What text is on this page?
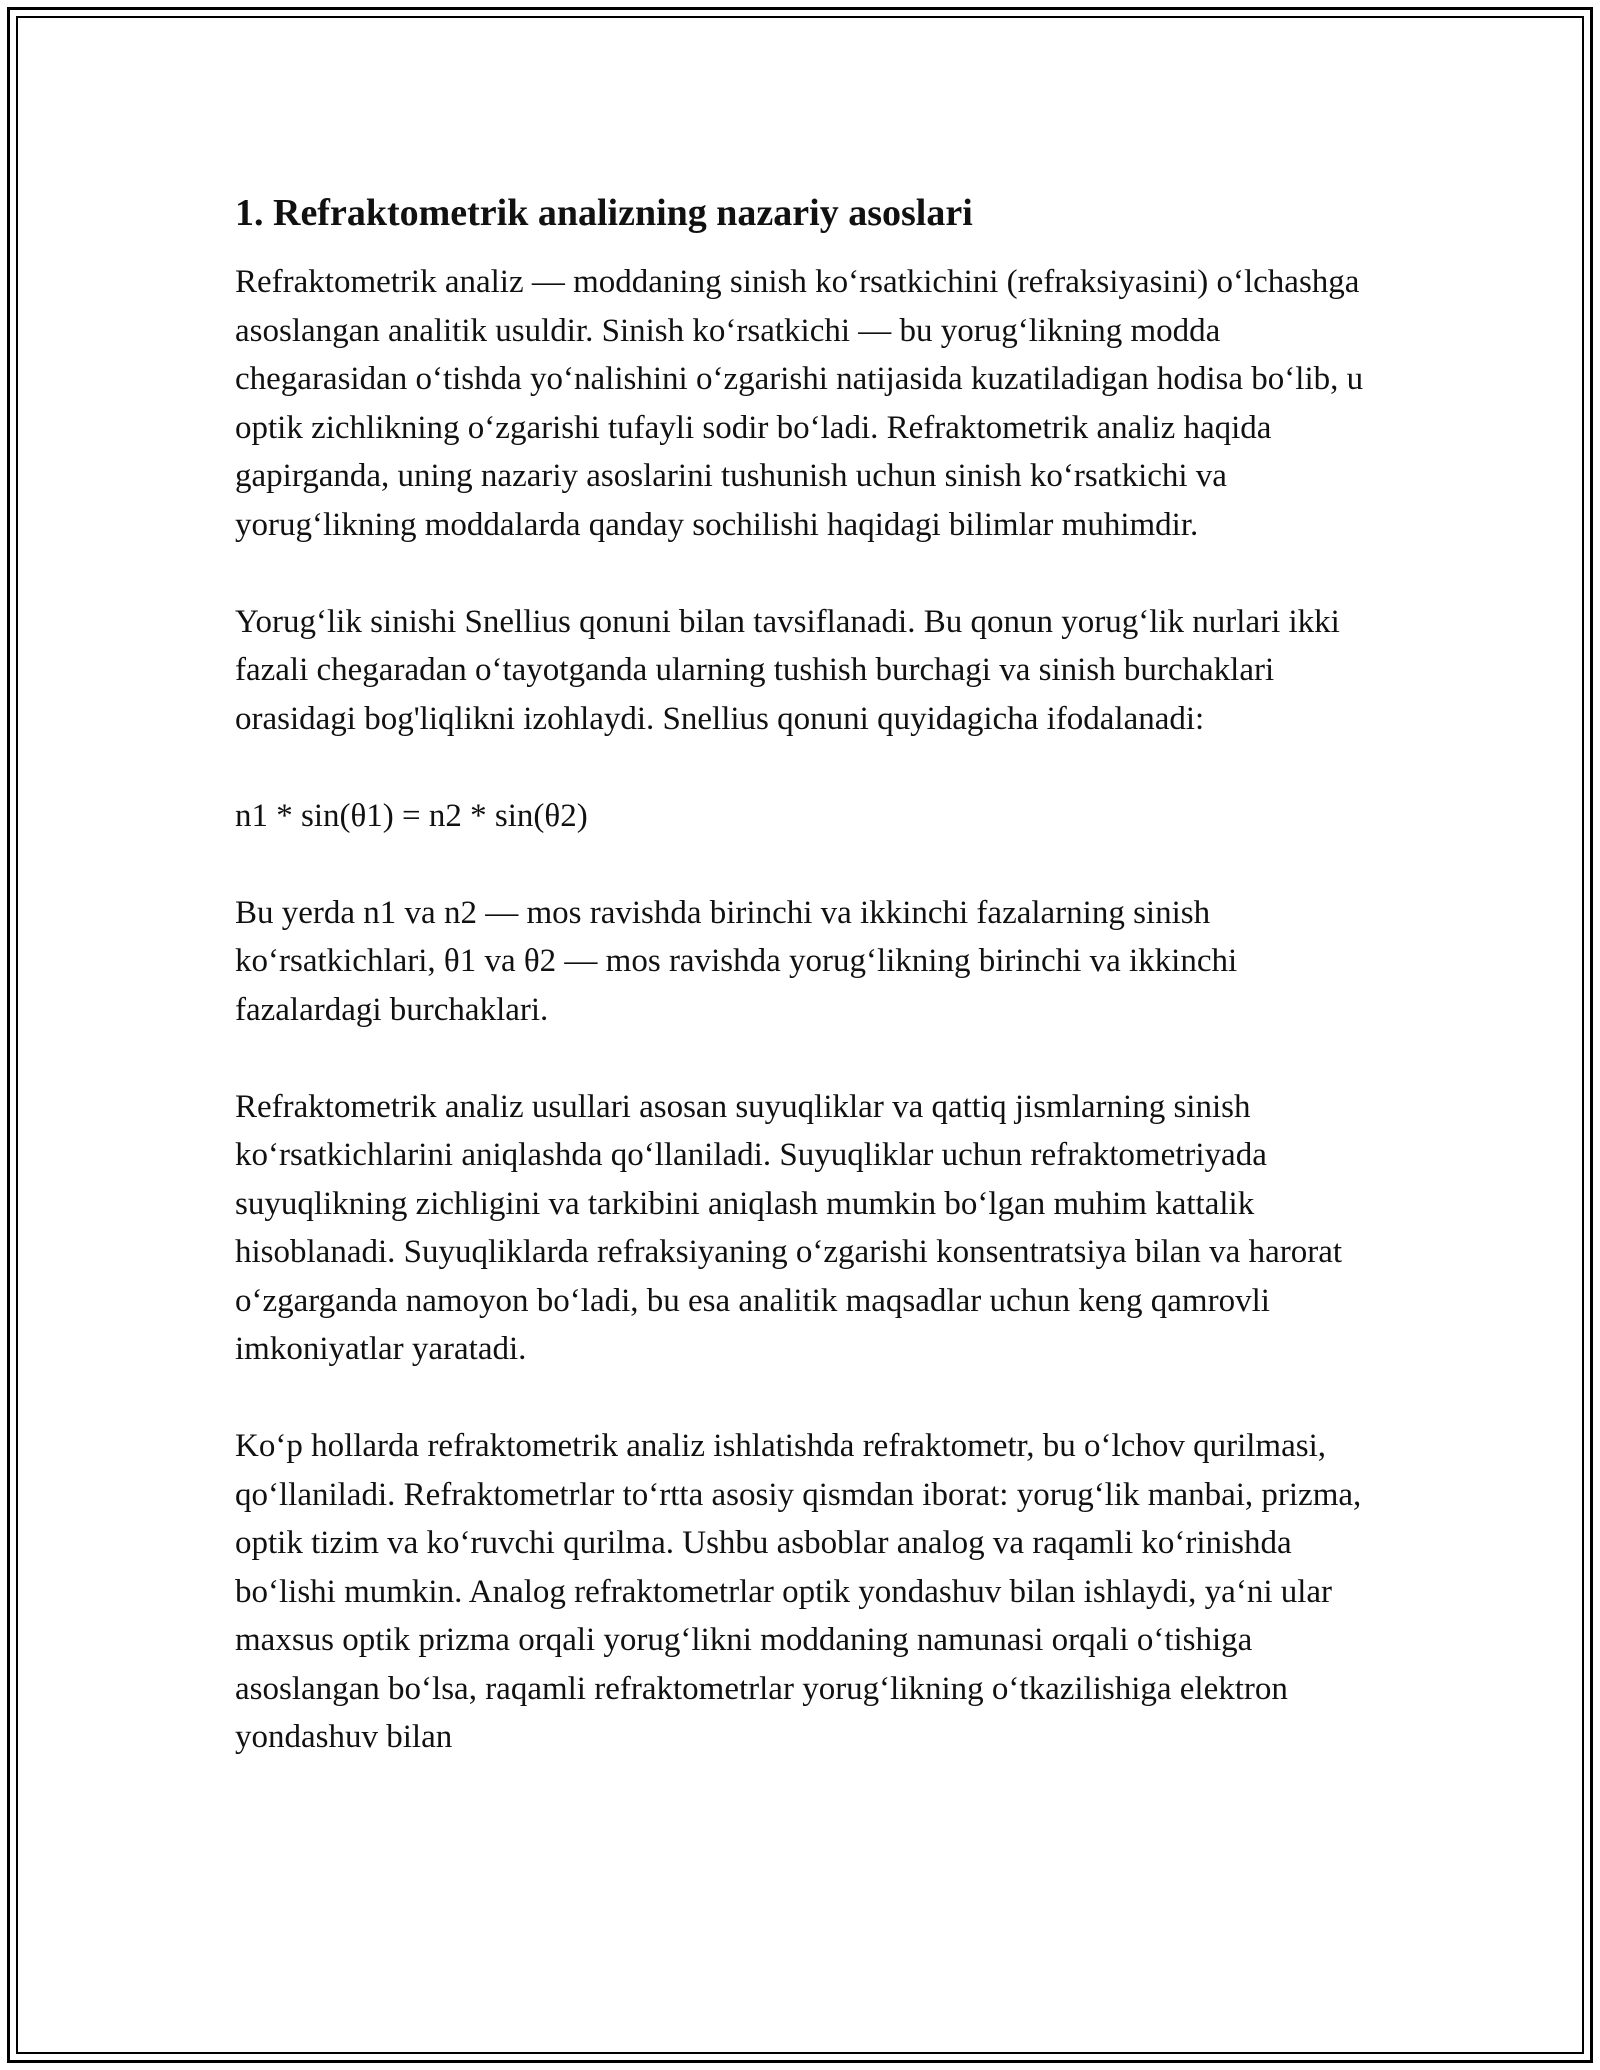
1. Refraktometrik analizning nazariy asoslari

Refraktometrik analiz — moddaning sinish ko‘rsatkichini (refraksiyasini) o‘lchashga asoslangan analitik usuldir. Sinish ko‘rsatkichi — bu yorug‘likning modda chegarasidan o‘tishda yo‘nalishini o‘zgarishi natijasida kuzatiladigan hodisa bo‘lib, u optik zichlikning o‘zgarishi tufayli sodir bo‘ladi. Refraktometrik analiz haqida gapirganda, uning nazariy asoslarini tushunish uchun sinish ko‘rsatkichi va yorug‘likning moddalarda qanday sochilishi haqidagi bilimlar muhimdir.

Yorug‘lik sinishi Snellius qonuni bilan tavsiflanadi. Bu qonun yorug‘lik nurlari ikki fazali chegaradan o‘tayotganda ularning tushish burchagi va sinish burchaklari orasidagi bog'liqlikni izohlaydi. Snellius qonuni quyidagicha ifodalanadi:

n1 * sin(θ1) = n2 * sin(θ2)

Bu yerda n1 va n2 — mos ravishda birinchi va ikkinchi fazalarning sinish ko‘rsatkichlari, θ1 va θ2 — mos ravishda yorug‘likning birinchi va ikkinchi fazalardagi burchaklari.

Refraktometrik analiz usullari asosan suyuqliklar va qattiq jismlarning sinish ko‘rsatkichlarini aniqlashda qo‘llaniladi. Suyuqliklar uchun refraktometriyada suyuqlikning zichligini va tarkibini aniqlash mumkin bo‘lgan muhim kattalik hisoblanadi. Suyuqliklarda refraksiyaning o‘zgarishi konsentratsiya bilan va harorat o‘zgarganda namoyon bo‘ladi, bu esa analitik maqsadlar uchun keng qamrovli imkoniyatlar yaratadi.

Ko‘p hollarda refraktometrik analiz ishlatishda refraktometr, bu o‘lchov qurilmasi, qo‘llaniladi. Refraktometrlar to‘rtta asosiy qismdan iborat: yorug‘lik manbai, prizma, optik tizim va ko‘ruvchi qurilma. Ushbu asboblar analog va raqamli ko‘rinishda bo‘lishi mumkin. Analog refraktometrlar optik yondashuv bilan ishlaydi, ya‘ni ular maxsus optik prizma orqali yorug‘likni moddaning namunasi orqali o‘tishiga asoslangan bo‘lsa, raqamli refraktometrlar yorug‘likning o‘tkazilishiga elektron yondashuv bilan
